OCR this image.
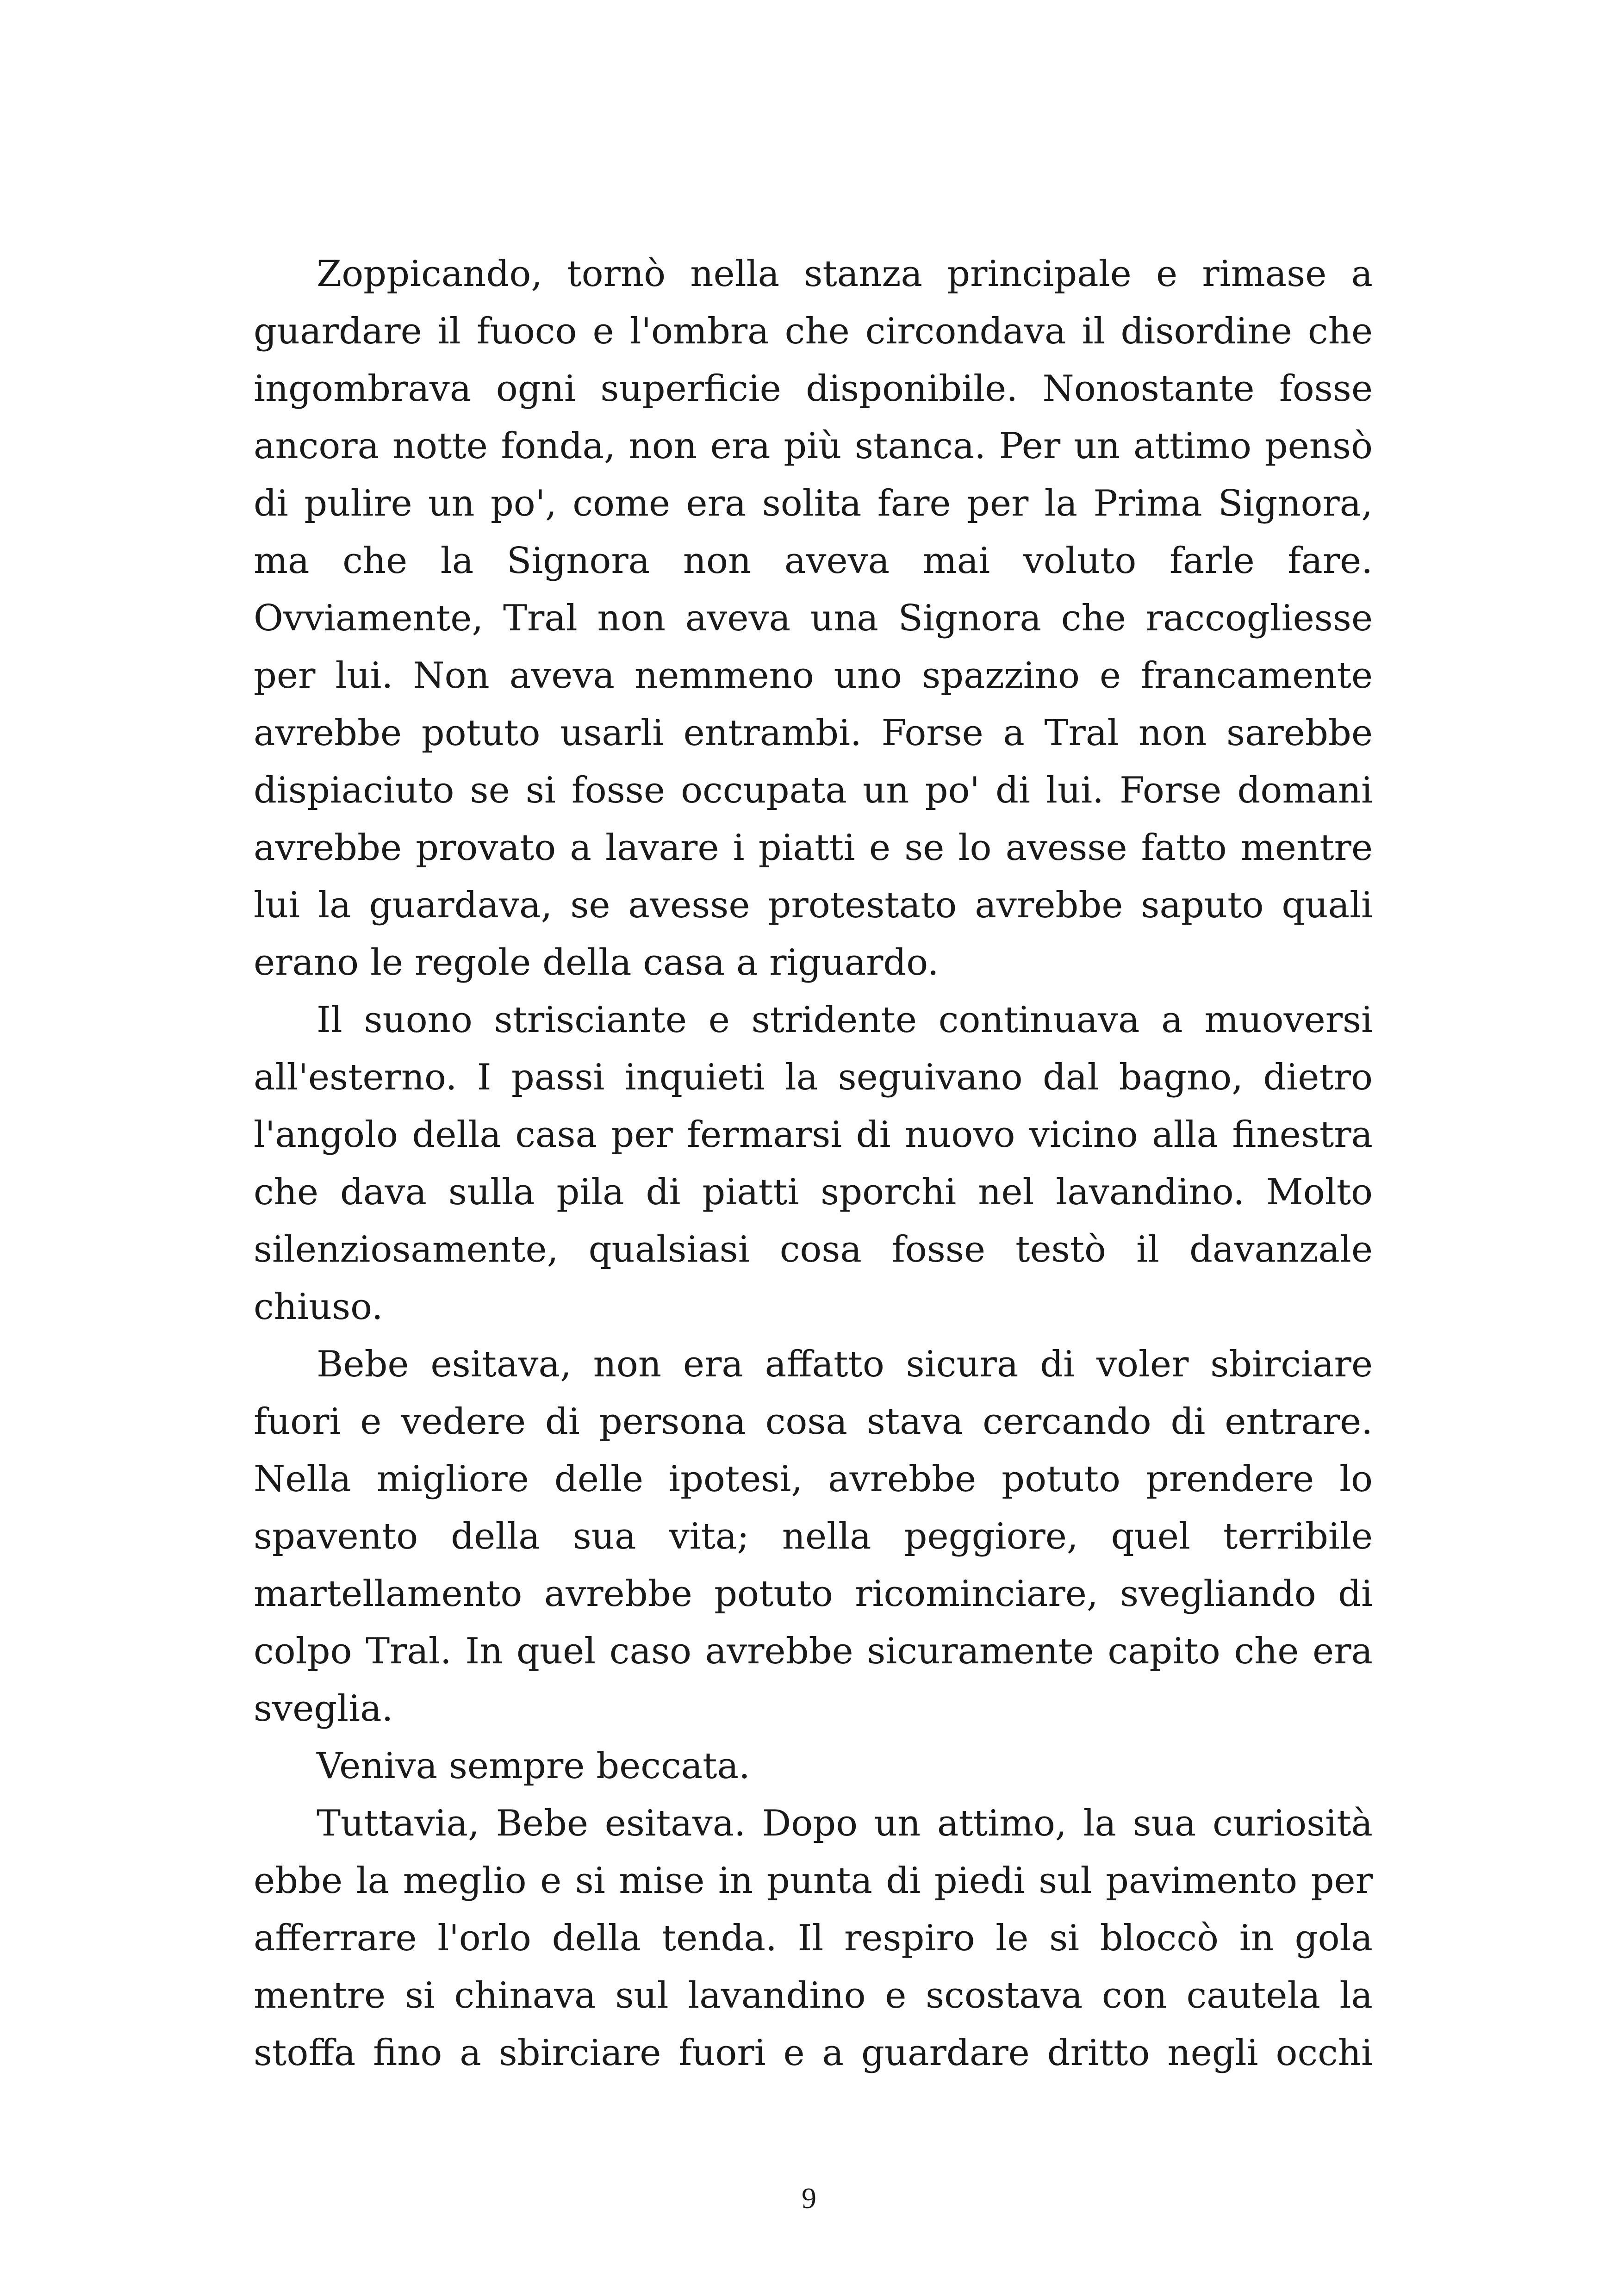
Zoppicando, tornò nella stanza principale e rimase a guardare il fuoco e l'ombra che circondava il disordine che ingombrava ogni superficie disponibile. Nonostante fosse ancora notte fonda, non era più stanca. Per un attimo pensò di pulire un po', come era solita fare per la Prima Signora, ma che la Signora non aveva mai voluto farle fare. Ovviamente, Tral non aveva una Signora che raccogliesse per lui. Non aveva nemmeno uno spazzino e francamente avrebbe potuto usarli entrambi. Forse a Tral non sarebbe dispiaciuto se si fosse occupata un po' di lui. Forse domani avrebbe provato a lavare i piatti e se lo avesse fatto mentre lui la guardava, se avesse protestato avrebbe saputo quali erano le regole della casa a riguardo.

Il suono strisciante e stridente continuava a muoversi all'esterno. I passi inquieti la seguivano dal bagno, dietro l'angolo della casa per fermarsi di nuovo vicino alla finestra che dava sulla pila di piatti sporchi nel lavandino. Molto silenziosamente, qualsiasi cosa fosse testò il davanzale chiuso.

Bebe esitava, non era affatto sicura di voler sbirciare fuori e vedere di persona cosa stava cercando di entrare. Nella migliore delle ipotesi, avrebbe potuto prendere lo spavento della sua vita; nella peggiore, quel terribile martellamento avrebbe potuto ricominciare, svegliando di colpo Tral. In quel caso avrebbe sicuramente capito che era sveglia.

Veniva sempre beccata.

Tuttavia, Bebe esitava. Dopo un attimo, la sua curiosità ebbe la meglio e si mise in punta di piedi sul pavimento per afferrare l'orlo della tenda. Il respiro le si bloccò in gola mentre si chinava sul lavandino e scostava con cautela la stoffa fino a sbirciare fuori e a guardare dritto negli occhi

9
